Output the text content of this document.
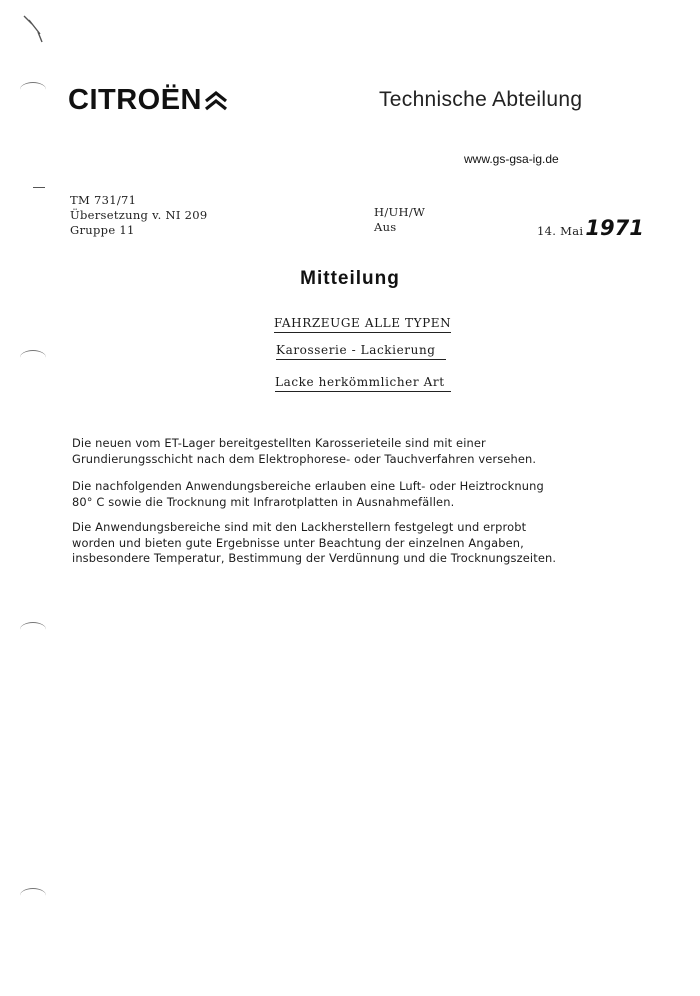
CITROËN	Technische Abteilung
www.gs-gsa-ig.de
TM 731/71
Übersetzung v. NI 209
Gruppe 11
H/UH/W
Aus	14. Mai 1971
Mitteilung
FAHRZEUGE ALLE TYPEN
Karosserie - Lackierung
Lacke herkömmlicher Art
Die neuen vom ET-Lager bereitgestellten Karosserieteile sind mit einer
Grundierungsschicht nach dem Elektrophorese- oder Tauchverfahren versehen.
Die nachfolgenden Anwendungsbereiche erlauben eine Luft- oder Heiztrocknung
80° C sowie die Trocknung mit Infrarotplatten in Ausnahmefällen.
Die Anwendungsbereiche sind mit den Lackherstellern festgelegt und erprobt
worden und bieten gute Ergebnisse unter Beachtung der einzelnen Angaben,
insbesondere Temperatur, Bestimmung der Verdünnung und die Trocknungszeiten.
